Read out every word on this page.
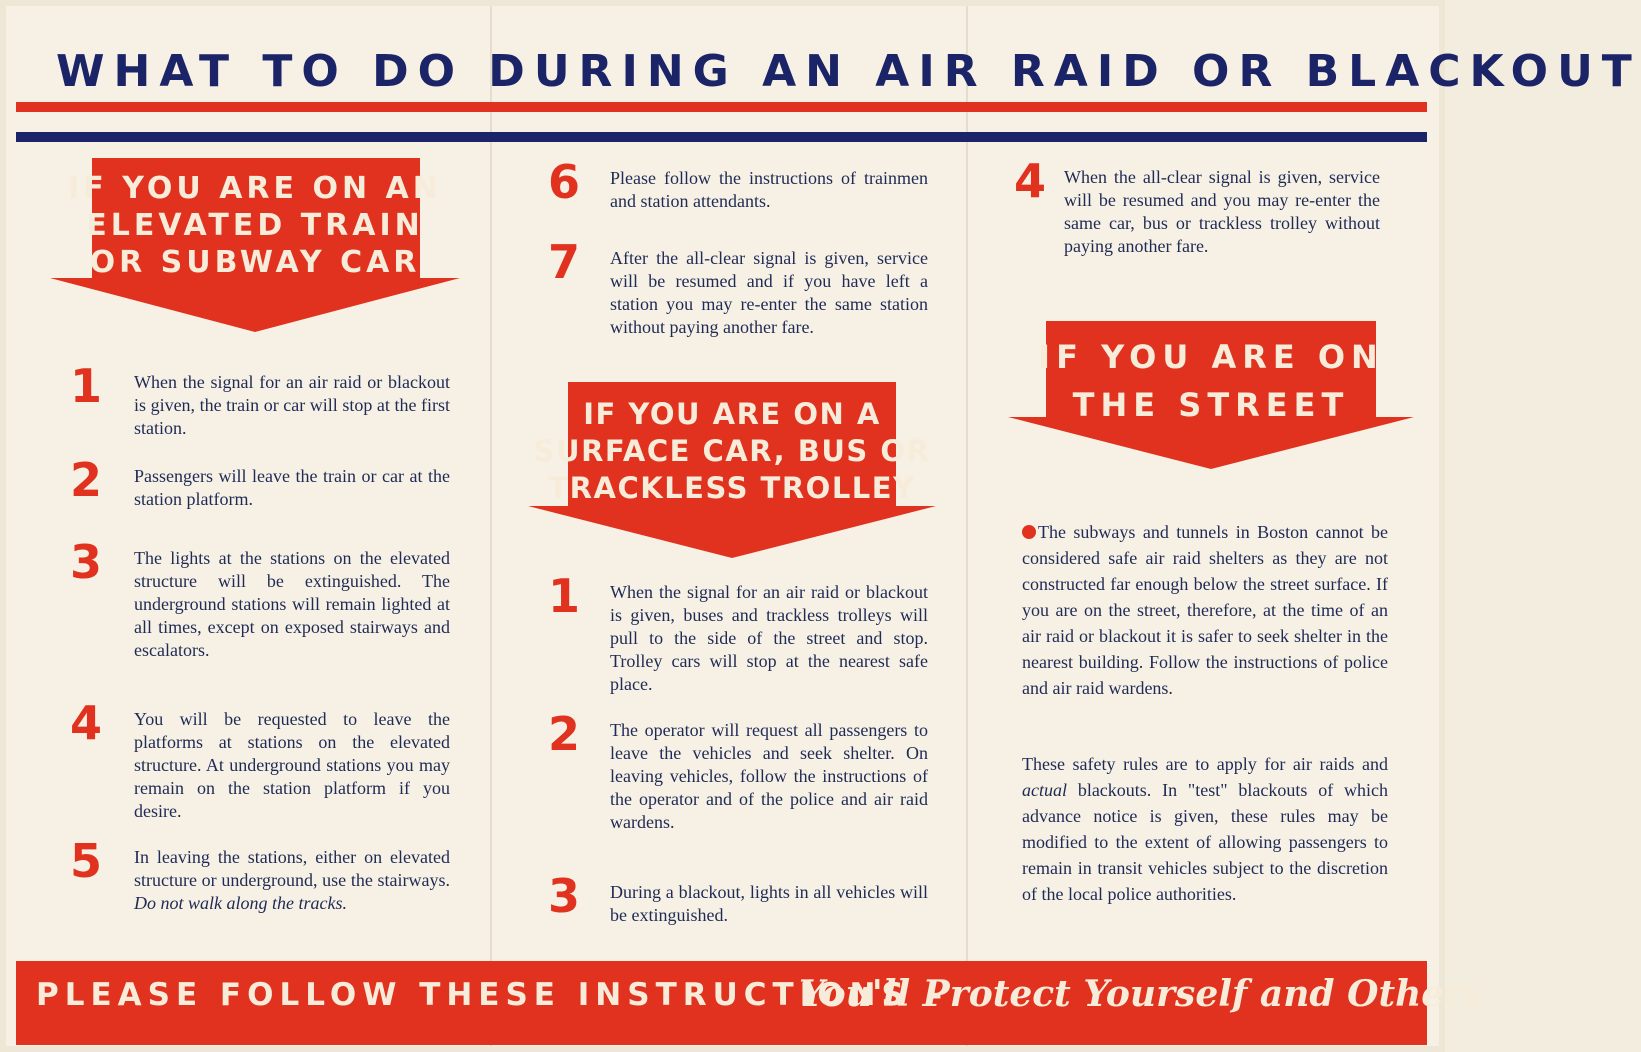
WHAT TO DO DURING AN AIR RAID OR BLACKOUT
IF YOU ARE ON AN
ELEVATED TRAIN
OR SUBWAY CAR
1 When the signal for an air raid or blackout is given, the train or car will stop at the first station.
2 Passengers will leave the train or car at the station platform.
3 The lights at the stations on the elevated structure will be extinguished. The underground stations will remain lighted at all times, except on exposed stairways and escalators.
4 You will be requested to leave the platforms at stations on the elevated structure. At underground stations you may remain on the station platform if you desire.
5 In leaving the stations, either on elevated structure or underground, use the stairways. Do not walk along the tracks.
6 Please follow the instructions of trainmen and station attendants.
7 After the all-clear signal is given, service will be resumed and if you have left a station you may re-enter the same station without paying another fare.
IF YOU ARE ON A
SURFACE CAR, BUS OR
TRACKLESS TROLLEY
1 When the signal for an air raid or blackout is given, buses and trackless trolleys will pull to the side of the street and stop. Trolley cars will stop at the nearest safe place.
2 The operator will request all passengers to leave the vehicles and seek shelter. On leaving vehicles, follow the instructions of the operator and of the police and air raid wardens.
3 During a blackout, lights in all vehicles will be extinguished.
4 When the all-clear signal is given, service will be resumed and you may re-enter the same car, bus or trackless trolley without paying another fare.
IF YOU ARE ON
THE STREET
The subways and tunnels in Boston cannot be considered safe air raid shelters as they are not constructed far enough below the street surface. If you are on the street, therefore, at the time of an air raid or blackout it is safer to seek shelter in the nearest building. Follow the instructions of police and air raid wardens.
These safety rules are to apply for air raids and actual blackouts. In "test" blackouts of which advance notice is given, these rules may be modified to the extent of allowing passengers to remain in transit vehicles subject to the discretion of the local police authorities.
PLEASE FOLLOW THESE INSTRUCTIONS –
You'll Protect Yourself and Others
